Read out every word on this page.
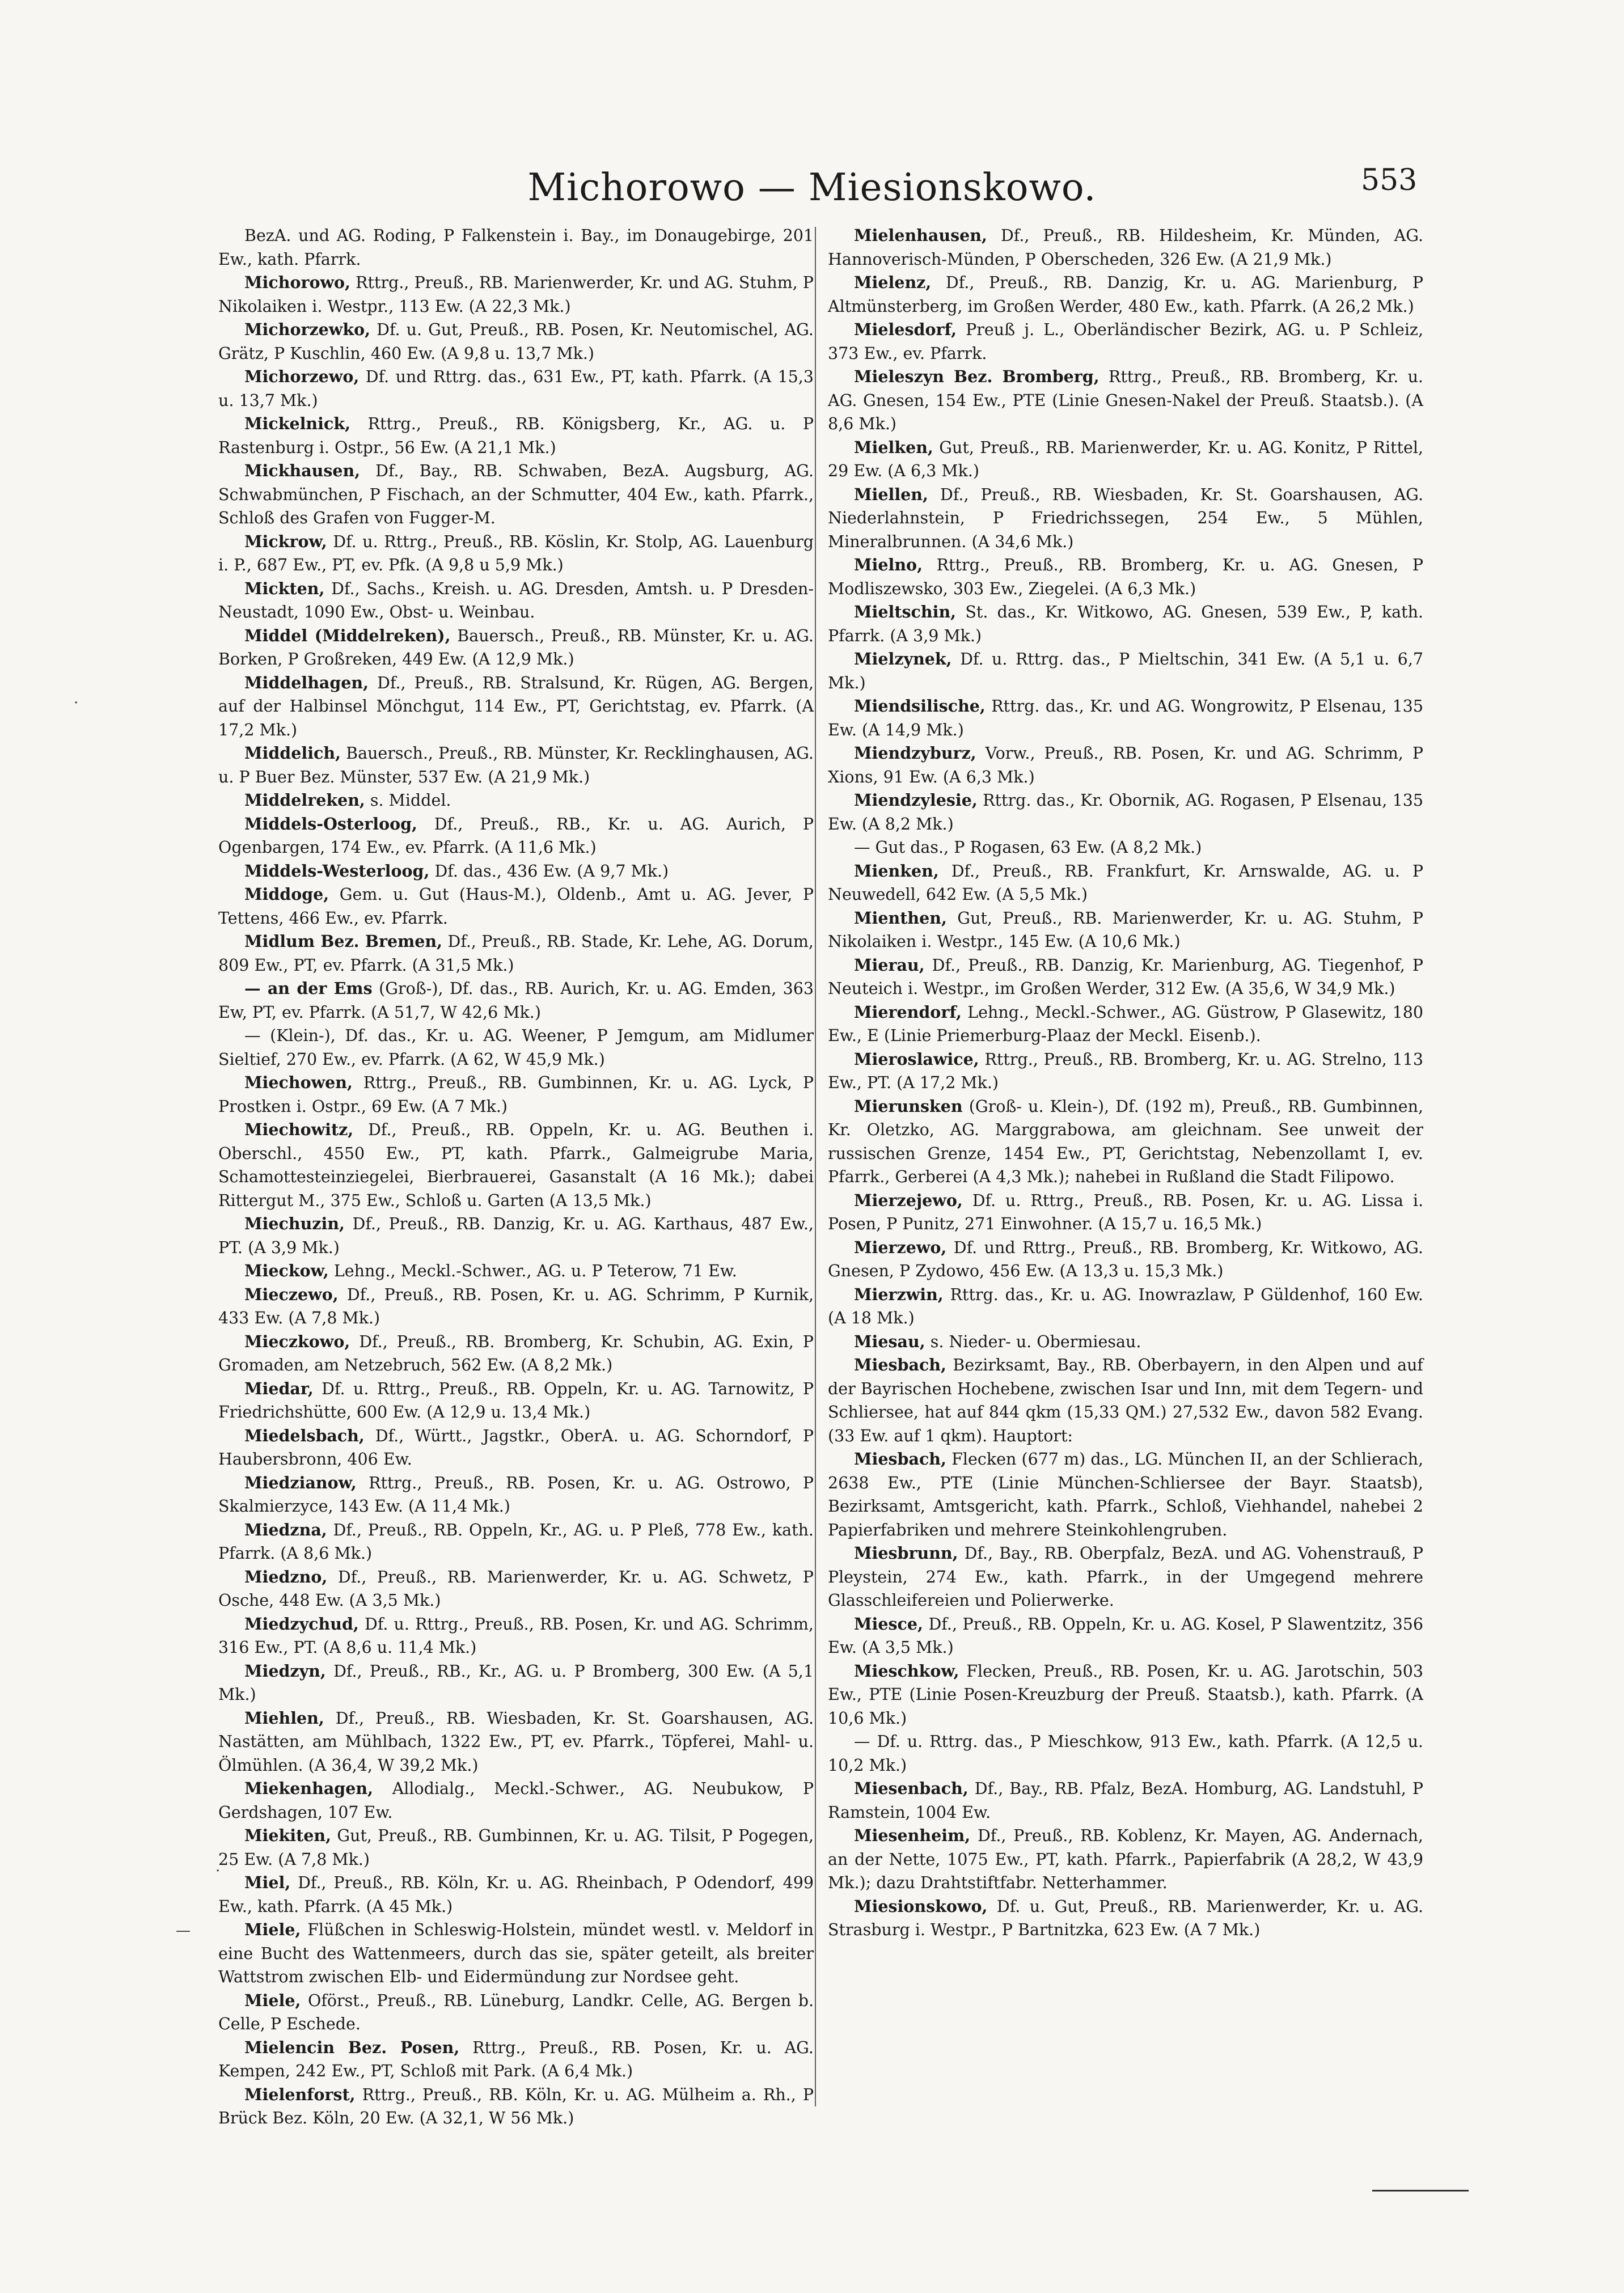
Michorowo — Miesionskowo.	553

BezA. und AG. Roding, P Falkenstein i. Bay., im Donaugebirge, 201 Ew., kath. Pfarrk.

Michorowo, Rttrg., Preuß., RB. Marienwerder, Kr. und AG. Stuhm, P Nikolaiken i. Westpr., 113 Ew. (A 22,3 Mk.)

Michorzewko, Df. u. Gut, Preuß., RB. Posen, Kr. Neutomischel, AG. Grätz, P Kuschlin, 460 Ew. (A 9,8 u. 13,7 Mk.)

Michorzewo, Df. und Rttrg. das., 631 Ew., PT, kath. Pfarrk. (A 15,3 u. 13,7 Mk.)

Mickelnick, Rttrg., Preuß., RB. Königsberg, Kr., AG. u. P Rastenburg i. Ostpr., 56 Ew. (A 21,1 Mk.)

Mickhausen, Df., Bay., RB. Schwaben, BezA. Augsburg, AG. Schwabmünchen, P Fischach, an der Schmutter, 404 Ew., kath. Pfarrk., Schloß des Grafen von Fugger-M.

Mickrow, Df. u. Rttrg., Preuß., RB. Köslin, Kr. Stolp, AG. Lauenburg i. P., 687 Ew., PT, ev. Pfk. (A 9,8 u 5,9 Mk.)

Mickten, Df., Sachs., Kreish. u. AG. Dresden, Amtsh. u. P Dresden-Neustadt, 1090 Ew., Obst- u. Weinbau.

Middel (Middelreken), Bauersch., Preuß., RB. Münster, Kr. u. AG. Borken, P Großreken, 449 Ew. (A 12,9 Mk.)

Middelhagen, Df., Preuß., RB. Stralsund, Kr. Rügen, AG. Bergen, auf der Halbinsel Mönchgut, 114 Ew., PT, Gerichtstag, ev. Pfarrk. (A 17,2 Mk.)

Middelich, Bauersch., Preuß., RB. Münster, Kr. Recklinghausen, AG. u. P Buer Bez. Münster, 537 Ew. (A 21,9 Mk.)

Middelreken, s. Middel.

Middels-Osterloog, Df., Preuß., RB., Kr. u. AG. Aurich, P Ogenbargen, 174 Ew., ev. Pfarrk. (A 11,6 Mk.)

Middels-Westerloog, Df. das., 436 Ew. (A 9,7 Mk.)

Middoge, Gem. u. Gut (Haus-M.), Oldenb., Amt u. AG. Jever, P Tettens, 466 Ew., ev. Pfarrk.

Midlum Bez. Bremen, Df., Preuß., RB. Stade, Kr. Lehe, AG. Dorum, 809 Ew., PT, ev. Pfarrk. (A 31,5 Mk.)

— an der Ems (Groß-), Df. das., RB. Aurich, Kr. u. AG. Emden, 363 Ew, PT, ev. Pfarrk. (A 51,7, W 42,6 Mk.)

— (Klein-), Df. das., Kr. u. AG. Weener, P Jemgum, am Midlumer Sieltief, 270 Ew., ev. Pfarrk. (A 62, W 45,9 Mk.)

Miechowen, Rttrg., Preuß., RB. Gumbinnen, Kr. u. AG. Lyck, P Prostken i. Ostpr., 69 Ew. (A 7 Mk.)

Miechowitz, Df., Preuß., RB. Oppeln, Kr. u. AG. Beuthen i. Oberschl., 4550 Ew., PT, kath. Pfarrk., Galmeigrube Maria, Schamottesteinziegelei, Bierbrauerei, Gasanstalt (A 16 Mk.); dabei Rittergut M., 375 Ew., Schloß u. Garten (A 13,5 Mk.)

Miechuzin, Df., Preuß., RB. Danzig, Kr. u. AG. Karthaus, 487 Ew., PT. (A 3,9 Mk.)

Mieckow, Lehng., Meckl.-Schwer., AG. u. P Teterow, 71 Ew.

Mieczewo, Df., Preuß., RB. Posen, Kr. u. AG. Schrimm, P Kurnik, 433 Ew. (A 7,8 Mk.)

Mieczkowo, Df., Preuß., RB. Bromberg, Kr. Schubin, AG. Exin, P Gromaden, am Netzebruch, 562 Ew. (A 8,2 Mk.)

Miedar, Df. u. Rttrg., Preuß., RB. Oppeln, Kr. u. AG. Tarnowitz, P Friedrichshütte, 600 Ew. (A 12,9 u. 13,4 Mk.)

Miedelsbach, Df., Württ., Jagstkr., OberA. u. AG. Schorndorf, P Haubersbronn, 406 Ew.

Miedzianow, Rttrg., Preuß., RB. Posen, Kr. u. AG. Ostrowo, P Skalmierzyce, 143 Ew. (A 11,4 Mk.)

Miedzna, Df., Preuß., RB. Oppeln, Kr., AG. u. P Pleß, 778 Ew., kath. Pfarrk. (A 8,6 Mk.)

Miedzno, Df., Preuß., RB. Marienwerder, Kr. u. AG. Schwetz, P Osche, 448 Ew. (A 3,5 Mk.)

Miedzychud, Df. u. Rttrg., Preuß., RB. Posen, Kr. und AG. Schrimm, 316 Ew., PT. (A 8,6 u. 11,4 Mk.)

Miedzyn, Df., Preuß., RB., Kr., AG. u. P Bromberg, 300 Ew. (A 5,1 Mk.)

Miehlen, Df., Preuß., RB. Wiesbaden, Kr. St. Goarshausen, AG. Nastätten, am Mühlbach, 1322 Ew., PT, ev. Pfarrk., Töpferei, Mahl- u. Ölmühlen. (A 36,4, W 39,2 Mk.)

Miekenhagen, Allodialg., Meckl.-Schwer., AG. Neubukow, P Gerdshagen, 107 Ew.

Miekiten, Gut, Preuß., RB. Gumbinnen, Kr. u. AG. Tilsit, P Pogegen, 25 Ew. (A 7,8 Mk.)

Miel, Df., Preuß., RB. Köln, Kr. u. AG. Rheinbach, P Odendorf, 499 Ew., kath. Pfarrk. (A 45 Mk.)

Miele, Flüßchen in Schleswig-Holstein, mündet westl. v. Meldorf in eine Bucht des Wattenmeers, durch das sie, später geteilt, als breiter Wattstrom zwischen Elb- und Eidermündung zur Nordsee geht.

Miele, Oförst., Preuß., RB. Lüneburg, Landkr. Celle, AG. Bergen b. Celle, P Eschede.

Mielencin Bez. Posen, Rttrg., Preuß., RB. Posen, Kr. u. AG. Kempen, 242 Ew., PT, Schloß mit Park. (A 6,4 Mk.)

Mielenforst, Rttrg., Preuß., RB. Köln, Kr. u. AG. Mülheim a. Rh., P Brück Bez. Köln, 20 Ew. (A 32,1, W 56 Mk.)

Mielenhausen, Df., Preuß., RB. Hildesheim, Kr. Münden, AG. Hannoverisch-Münden, P Oberscheden, 326 Ew. (A 21,9 Mk.)

Mielenz, Df., Preuß., RB. Danzig, Kr. u. AG. Marienburg, P Altmünsterberg, im Großen Werder, 480 Ew., kath. Pfarrk. (A 26,2 Mk.)

Mielesdorf, Preuß j. L., Oberländischer Bezirk, AG. u. P Schleiz, 373 Ew., ev. Pfarrk.

Mieleszyn Bez. Bromberg, Rttrg., Preuß., RB. Bromberg, Kr. u. AG. Gnesen, 154 Ew., PTE (Linie Gnesen-Nakel der Preuß. Staatsb.). (A 8,6 Mk.)

Mielken, Gut, Preuß., RB. Marienwerder, Kr. u. AG. Konitz, P Rittel, 29 Ew. (A 6,3 Mk.)

Miellen, Df., Preuß., RB. Wiesbaden, Kr. St. Goarshausen, AG. Niederlahnstein, P Friedrichssegen, 254 Ew., 5 Mühlen, Mineralbrunnen. (A 34,6 Mk.)

Mielno, Rttrg., Preuß., RB. Bromberg, Kr. u. AG. Gnesen, P Modliszewsko, 303 Ew., Ziegelei. (A 6,3 Mk.)

Mieltschin, St. das., Kr. Witkowo, AG. Gnesen, 539 Ew., P, kath. Pfarrk. (A 3,9 Mk.)

Mielzynek, Df. u. Rttrg. das., P Mieltschin, 341 Ew. (A 5,1 u. 6,7 Mk.)

Miendsilische, Rttrg. das., Kr. und AG. Wongrowitz, P Elsenau, 135 Ew. (A 14,9 Mk.)

Miendzyburz, Vorw., Preuß., RB. Posen, Kr. und AG. Schrimm, P Xions, 91 Ew. (A 6,3 Mk.)

Miendzylesie, Rttrg. das., Kr. Obornik, AG. Rogasen, P Elsenau, 135 Ew. (A 8,2 Mk.)

— Gut das., P Rogasen, 63 Ew. (A 8,2 Mk.)

Mienken, Df., Preuß., RB. Frankfurt, Kr. Arnswalde, AG. u. P Neuwedell, 642 Ew. (A 5,5 Mk.)

Mienthen, Gut, Preuß., RB. Marienwerder, Kr. u. AG. Stuhm, P Nikolaiken i. Westpr., 145 Ew. (A 10,6 Mk.)

Mierau, Df., Preuß., RB. Danzig, Kr. Marienburg, AG. Tiegenhof, P Neuteich i. Westpr., im Großen Werder, 312 Ew. (A 35,6, W 34,9 Mk.)

Mierendorf, Lehng., Meckl.-Schwer., AG. Güstrow, P Glasewitz, 180 Ew., E (Linie Priemerburg-Plaaz der Meckl. Eisenb.).

Mieroslawice, Rttrg., Preuß., RB. Bromberg, Kr. u. AG. Strelno, 113 Ew., PT. (A 17,2 Mk.)

Mierunsken (Groß- u. Klein-), Df. (192 m), Preuß., RB. Gumbinnen, Kr. Oletzko, AG. Marggrabowa, am gleichnam. See unweit der russischen Grenze, 1454 Ew., PT, Gerichtstag, Nebenzollamt I, ev. Pfarrk., Gerberei (A 4,3 Mk.); nahebei in Rußland die Stadt Filipowo.

Mierzejewo, Df. u. Rttrg., Preuß., RB. Posen, Kr. u. AG. Lissa i. Posen, P Punitz, 271 Einwohner. (A 15,7 u. 16,5 Mk.)

Mierzewo, Df. und Rttrg., Preuß., RB. Bromberg, Kr. Witkowo, AG. Gnesen, P Zydowo, 456 Ew. (A 13,3 u. 15,3 Mk.)

Mierzwin, Rttrg. das., Kr. u. AG. Inowrazlaw, P Güldenhof, 160 Ew. (A 18 Mk.)

Miesau, s. Nieder- u. Obermiesau.

Miesbach, Bezirksamt, Bay., RB. Oberbayern, in den Alpen und auf der Bayrischen Hochebene, zwischen Isar und Inn, mit dem Tegern- und Schliersee, hat auf 844 qkm (15,33 QM.) 27,532 Ew., davon 582 Evang. (33 Ew. auf 1 qkm). Hauptort:

Miesbach, Flecken (677 m) das., LG. München II, an der Schlierach, 2638 Ew., PTE (Linie München-Schliersee der Bayr. Staatsb), Bezirksamt, Amtsgericht, kath. Pfarrk., Schloß, Viehhandel, nahebei 2 Papierfabriken und mehrere Steinkohlengruben.

Miesbrunn, Df., Bay., RB. Oberpfalz, BezA. und AG. Vohenstrauß, P Pleystein, 274 Ew., kath. Pfarrk., in der Umgegend mehrere Glasschleifereien und Polierwerke.

Miesce, Df., Preuß., RB. Oppeln, Kr. u. AG. Kosel, P Slawentzitz, 356 Ew. (A 3,5 Mk.)

Mieschkow, Flecken, Preuß., RB. Posen, Kr. u. AG. Jarotschin, 503 Ew., PTE (Linie Posen-Kreuzburg der Preuß. Staatsb.), kath. Pfarrk. (A 10,6 Mk.)

— Df. u. Rttrg. das., P Mieschkow, 913 Ew., kath. Pfarrk. (A 12,5 u. 10,2 Mk.)

Miesenbach, Df., Bay., RB. Pfalz, BezA. Homburg, AG. Landstuhl, P Ramstein, 1004 Ew.

Miesenheim, Df., Preuß., RB. Koblenz, Kr. Mayen, AG. Andernach, an der Nette, 1075 Ew., PT, kath. Pfarrk., Papierfabrik (A 28,2, W 43,9 Mk.); dazu Drahtstiftfabr. Netterhammer.

Miesionskowo, Df. u. Gut, Preuß., RB. Marienwerder, Kr. u. AG. Strasburg i. Westpr., P Bartnitzka, 623 Ew. (A 7 Mk.)

·
·
—
